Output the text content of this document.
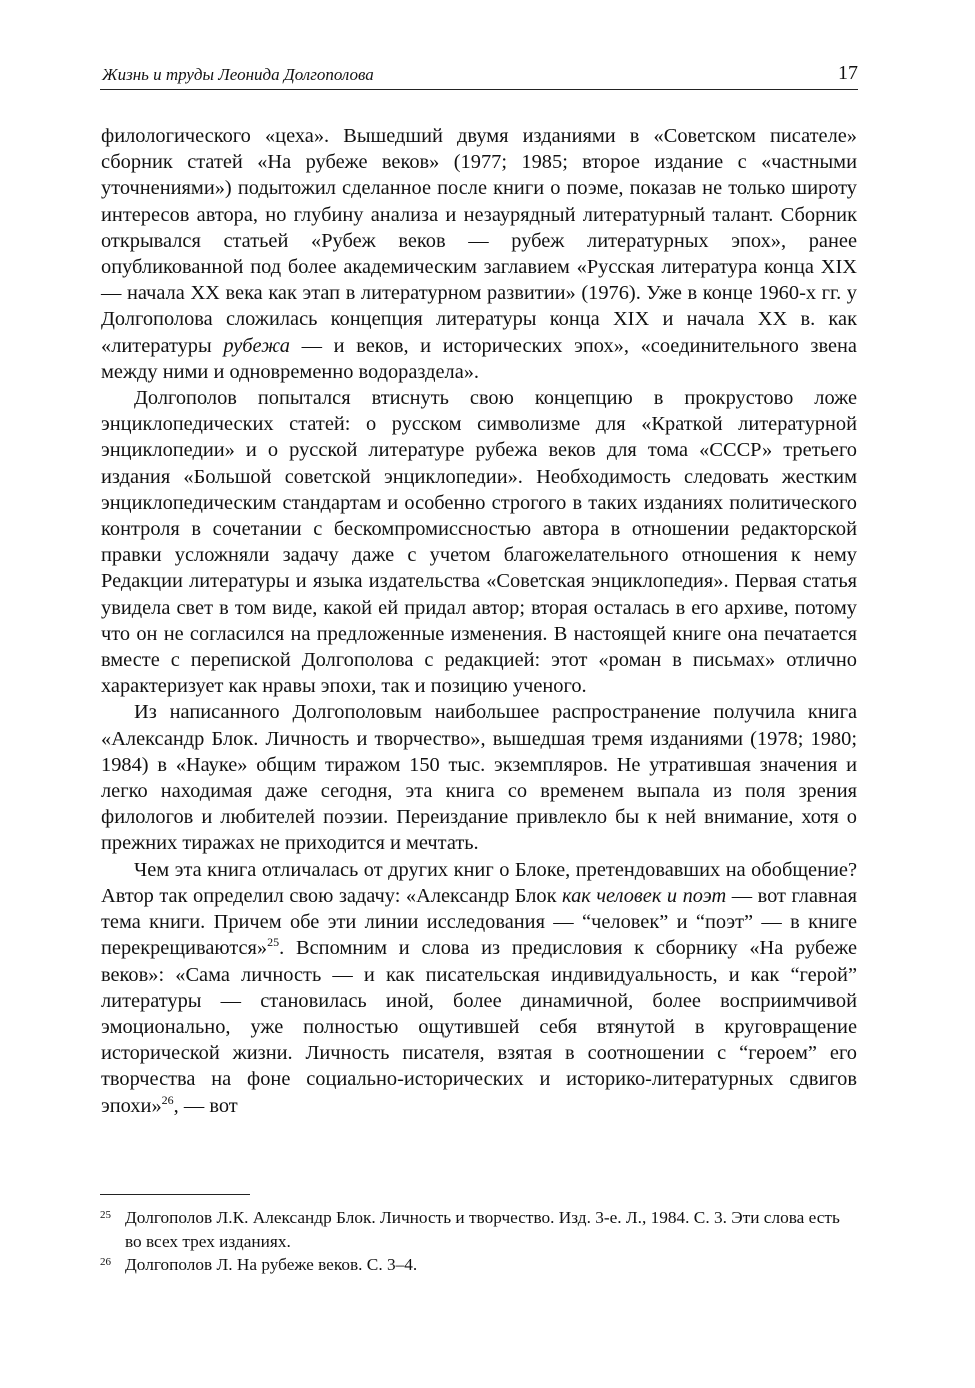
Жизнь и труды Леонида Долгополова	17

филологического «цеха». Вышедший двумя изданиями в «Советском писателе» сборник статей «На рубеже веков» (1977; 1985; второе издание с «частными уточнениями») подытожил сделанное после книги о поэме, показав не только широту интересов автора, но глубину анализа и незаурядный литературный талант. Сборник открывался статьей «Рубеж веков — рубеж литературных эпох», ранее опубликованной под более академическим заглавием «Русская литература конца XIX — начала XX века как этап в литературном развитии» (1976). Уже в конце 1960-х гг. у Долгополова сложилась концепция литературы конца XIX и начала XX в. как «литературы рубежа — и веков, и исторических эпох», «соединительного звена между ними и одновременно водораздела».

Долгополов попытался втиснуть свою концепцию в прокрустово ложе энциклопедических статей: о русском символизме для «Краткой литературной энциклопедии» и о русской литературе рубежа веков для тома «СССР» третьего издания «Большой советской энциклопедии». Необходимость следовать жестким энциклопедическим стандартам и особенно строгого в таких изданиях политического контроля в сочетании с бескомпромиссностью автора в отношении редакторской правки усложняли задачу даже с учетом благожелательного отношения к нему Редакции литературы и языка издательства «Советская энциклопедия». Первая статья увидела свет в том виде, какой ей придал автор; вторая осталась в его архиве, потому что он не согласился на предложенные изменения. В настоящей книге она печатается вместе с перепиской Долгополова с редакцией: этот «роман в письмах» отлично характеризует как нравы эпохи, так и позицию ученого.

Из написанного Долгополовым наибольшее распространение получила книга «Александр Блок. Личность и творчество», вышедшая тремя изданиями (1978; 1980; 1984) в «Науке» общим тиражом 150 тыс. экземпляров. Не утратившая значения и легко находимая даже сегодня, эта книга со временем выпала из поля зрения филологов и любителей поэзии. Переиздание привлекло бы к ней внимание, хотя о прежних тиражах не приходится и мечтать.

Чем эта книга отличалась от других книг о Блоке, претендовавших на обобщение? Автор так определил свою задачу: «Александр Блок как человек и поэт — вот главная тема книги. Причем обе эти линии исследования — “человек” и “поэт” — в книге перекрещиваются»$^{25}$. Вспомним и слова из предисловия к сборнику «На рубеже веков»: «Сама личность — и как писательская индивидуальность, и как “герой” литературы — становилась иной, более динамичной, более восприимчивой эмоционально, уже полностью ощутившей себя втянутой в круговращение исторической жизни. Личность писателя, взятая в соотношении с “героем” его творчества на фоне социально-исторических и историко-литературных сдвигов эпохи»$^{26}$, — вот

25 Долгополов Л.К. Александр Блок. Личность и творчество. Изд. 3-е. Л., 1984. С. 3. Эти слова есть во всех трех изданиях.
26 Долгополов Л. На рубеже веков. С. 3–4.
